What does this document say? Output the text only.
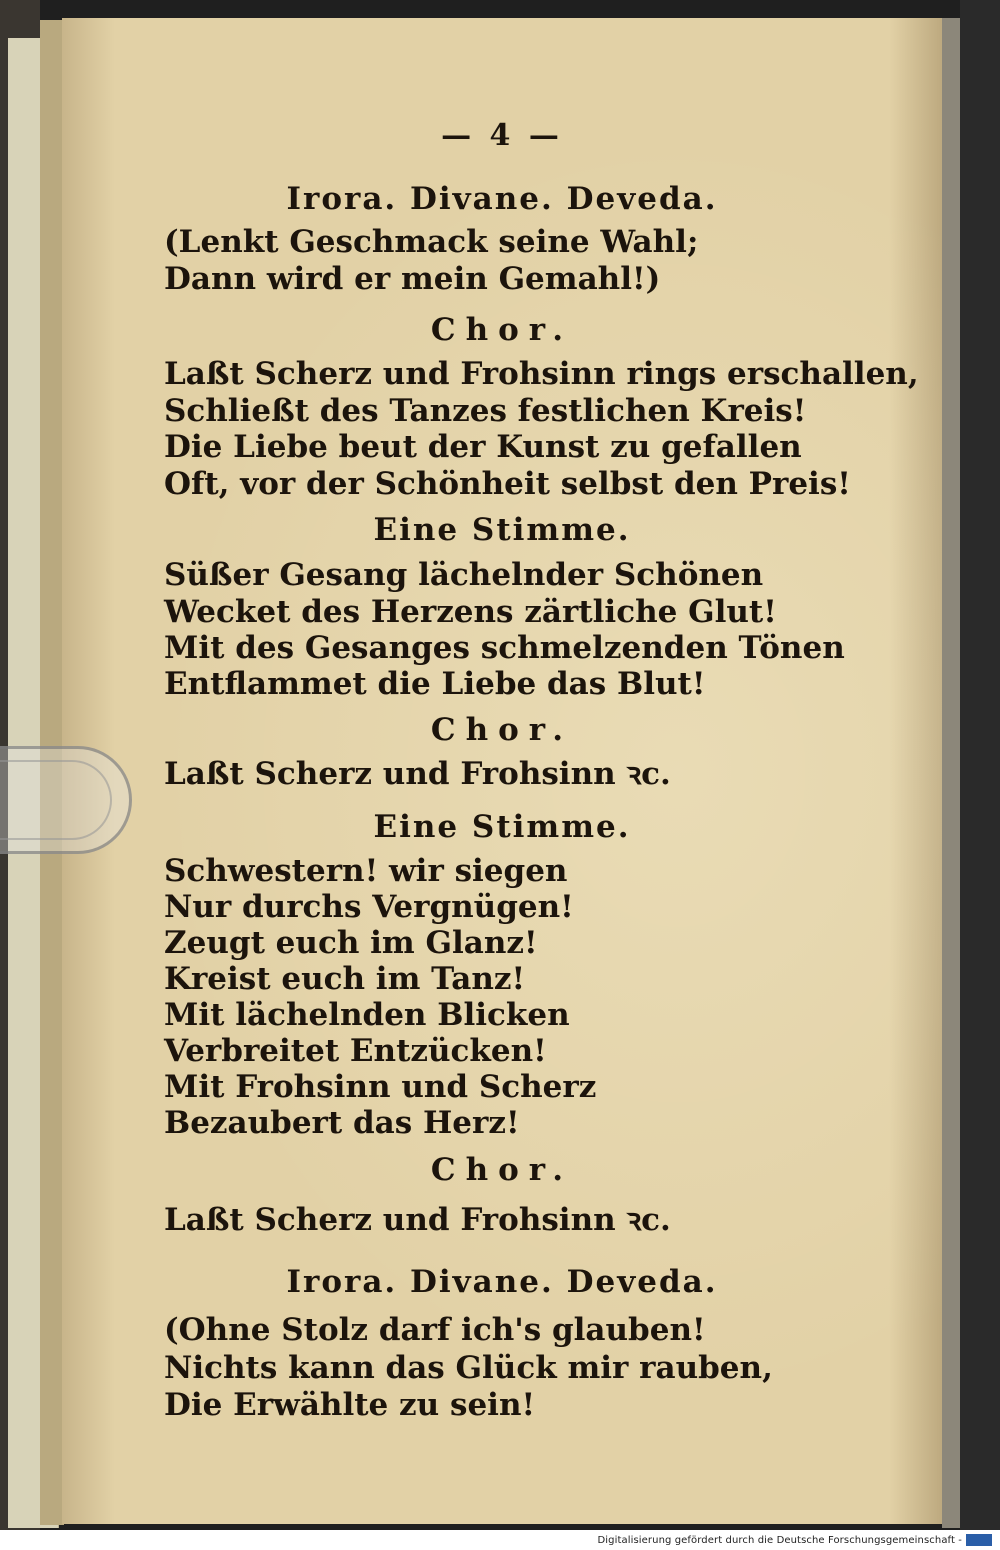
— 4 —
Irora. Divane. Deveda.
(Lenkt Geschmack seine Wahl;
Dann wird er mein Gemahl!)
Chor.
Laßt Scherz und Frohsinn rings erschallen,
Schließt des Tanzes festlichen Kreis!
Die Liebe beut der Kunst zu gefallen
Oft, vor der Schönheit selbst den Preis!
Eine Stimme.
Süßer Gesang lächelnder Schönen
Wecket des Herzens zärtliche Glut!
Mit des Gesanges schmelzenden Tönen
Entflammet die Liebe das Blut!
Chor.
Laßt Scherz und Frohsinn ꝛc.
Eine Stimme.
Schwestern! wir siegen
Nur durchs Vergnügen!
Zeugt euch im Glanz!
Kreist euch im Tanz!
Mit lächelnden Blicken
Verbreitet Entzücken!
Mit Frohsinn und Scherz
Bezaubert das Herz!
Chor.
Laßt Scherz und Frohsinn ꝛc.
Irora. Divane. Deveda.
(Ohne Stolz darf ich's glauben!
Nichts kann das Glück mir rauben,
Die Erwählte zu sein!
Digitalisierung gefördert durch die Deutsche Forschungsgemeinschaft -
